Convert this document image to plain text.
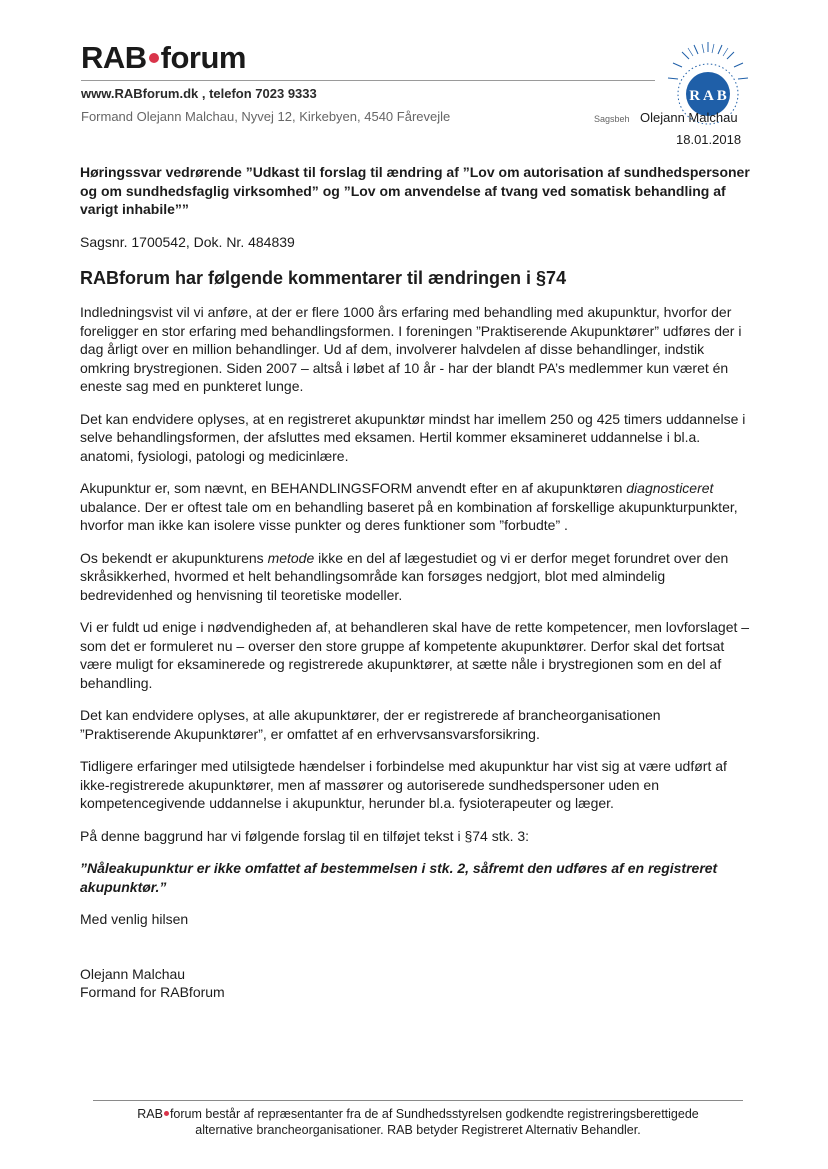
RAB forum
www.RABforum.dk , telefon 7023 9333
Formand Olejann Malchau, Nyvej 12, Kirkebyen, 4540 Fårevejle
R A B
Sagsbeh Olejann Malchau
18.01.2018

Høringssvar vedrørende ”Udkast til forslag til ændring af ”Lov om autorisation af sundhedspersoner og om sundhedsfaglig virksomhed” og ”Lov om anvendelse af tvang ved somatisk behandling af varigt inhabile””

Sagsnr. 1700542, Dok. Nr. 484839

RABforum har følgende kommentarer til ændringen i §74

Indledningsvist vil vi anføre, at der er flere 1000 års erfaring med behandling med akupunktur, hvorfor der foreligger en stor erfaring med behandlingsformen. I foreningen ”Praktiserende Akupunktører” udføres der i dag årligt over en million behandlinger. Ud af dem, involverer halvdelen af disse behandlinger, indstik omkring brystregionen. Siden 2007 – altså i løbet af 10 år - har der blandt PA’s medlemmer kun været én eneste sag med en punkteret lunge.

Det kan endvidere oplyses, at en registreret akupunktør mindst har imellem 250 og 425 timers uddannelse i selve behandlingsformen, der afsluttes med eksamen. Hertil kommer eksamineret uddannelse i bl.a. anatomi, fysiologi, patologi og medicinlære.

Akupunktur er, som nævnt, en BEHANDLINGSFORM anvendt efter en af akupunktøren diagnosticeret ubalance. Der er oftest tale om en behandling baseret på en kombination af forskellige akupunkturpunkter, hvorfor man ikke kan isolere visse punkter og deres funktioner som ”forbudte” .

Os bekendt er akupunkturens metode ikke en del af lægestudiet og vi er derfor meget forundret over den skråsikkerhed, hvormed et helt behandlingsområde kan forsøges nedgjort, blot med almindelig bedrevidenhed og henvisning til teoretiske modeller.

Vi er fuldt ud enige i nødvendigheden af, at behandleren skal have de rette kompetencer, men lovforslaget – som det er formuleret nu – overser den store gruppe af kompetente akupunktører. Derfor skal det fortsat være muligt for eksaminerede og registrerede akupunktører, at sætte nåle i brystregionen som en del af behandling.

Det kan endvidere oplyses, at alle akupunktører, der er registrerede af brancheorganisationen ”Praktiserende Akupunktører”, er omfattet af en erhvervsansvarsforsikring.

Tidligere erfaringer med utilsigtede hændelser i forbindelse med akupunktur har vist sig at være udført af ikke-registrerede akupunktører, men af massører og autoriserede sundhedspersoner uden en kompetencegivende uddannelse i akupunktur, herunder bl.a. fysioterapeuter og læger.

På denne baggrund har vi følgende forslag til en tilføjet tekst i §74 stk. 3:

”Nåleakupunktur er ikke omfattet af bestemmelsen i stk. 2, såfremt den udføres af en registreret akupunktør.”

Med venlig hilsen

Olejann Malchau
Formand for RABforum
RAB forum består af repræsentanter fra de af Sundhedsstyrelsen godkendte registreringsberettigede
alternative brancheorganisationer. RAB betyder Registreret Alternativ Behandler.
